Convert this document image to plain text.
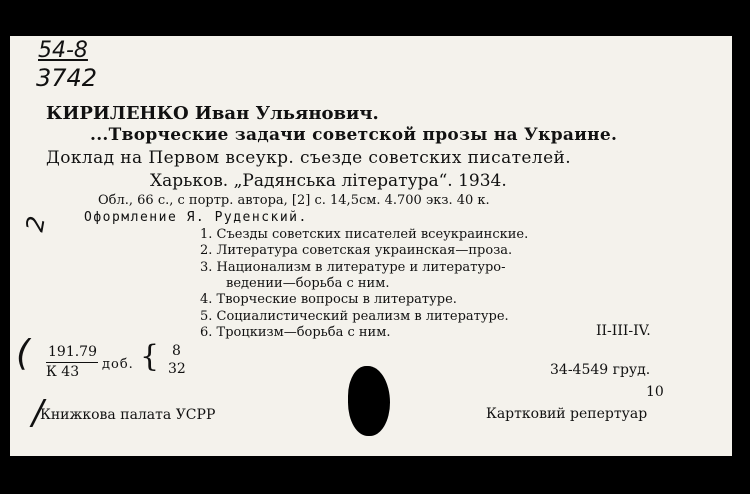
54-8
3742
КИРИЛЕНКО Иван Ульянович.
...Творческие задачи советской прозы на Украине.
Доклад на Первом всеукр. съезде советских писателей.
Харьков. „Радянська лiтература“. 1934.
Обл., 66 с., с портр. автора, [2] с. 14,5см. 4.700 экз. 40 к.
2	Оформление Я. Руденский.
1. Съезды советских писателей всеукраинские.
2. Литература советская украинская—проза.
3. Национализм в литературе и литературо-
ведении—борьба с ним.
4. Творческие вопросы в литературе.
5. Социалистический реализм в литературе.
6. Троцкизм—борьба с ним.	II-III-IV.
( 191.79
К 43 доб. { 8
32	34-4549 груд.
10
/
Книжкова палата УСРР	Картковий репертуар
